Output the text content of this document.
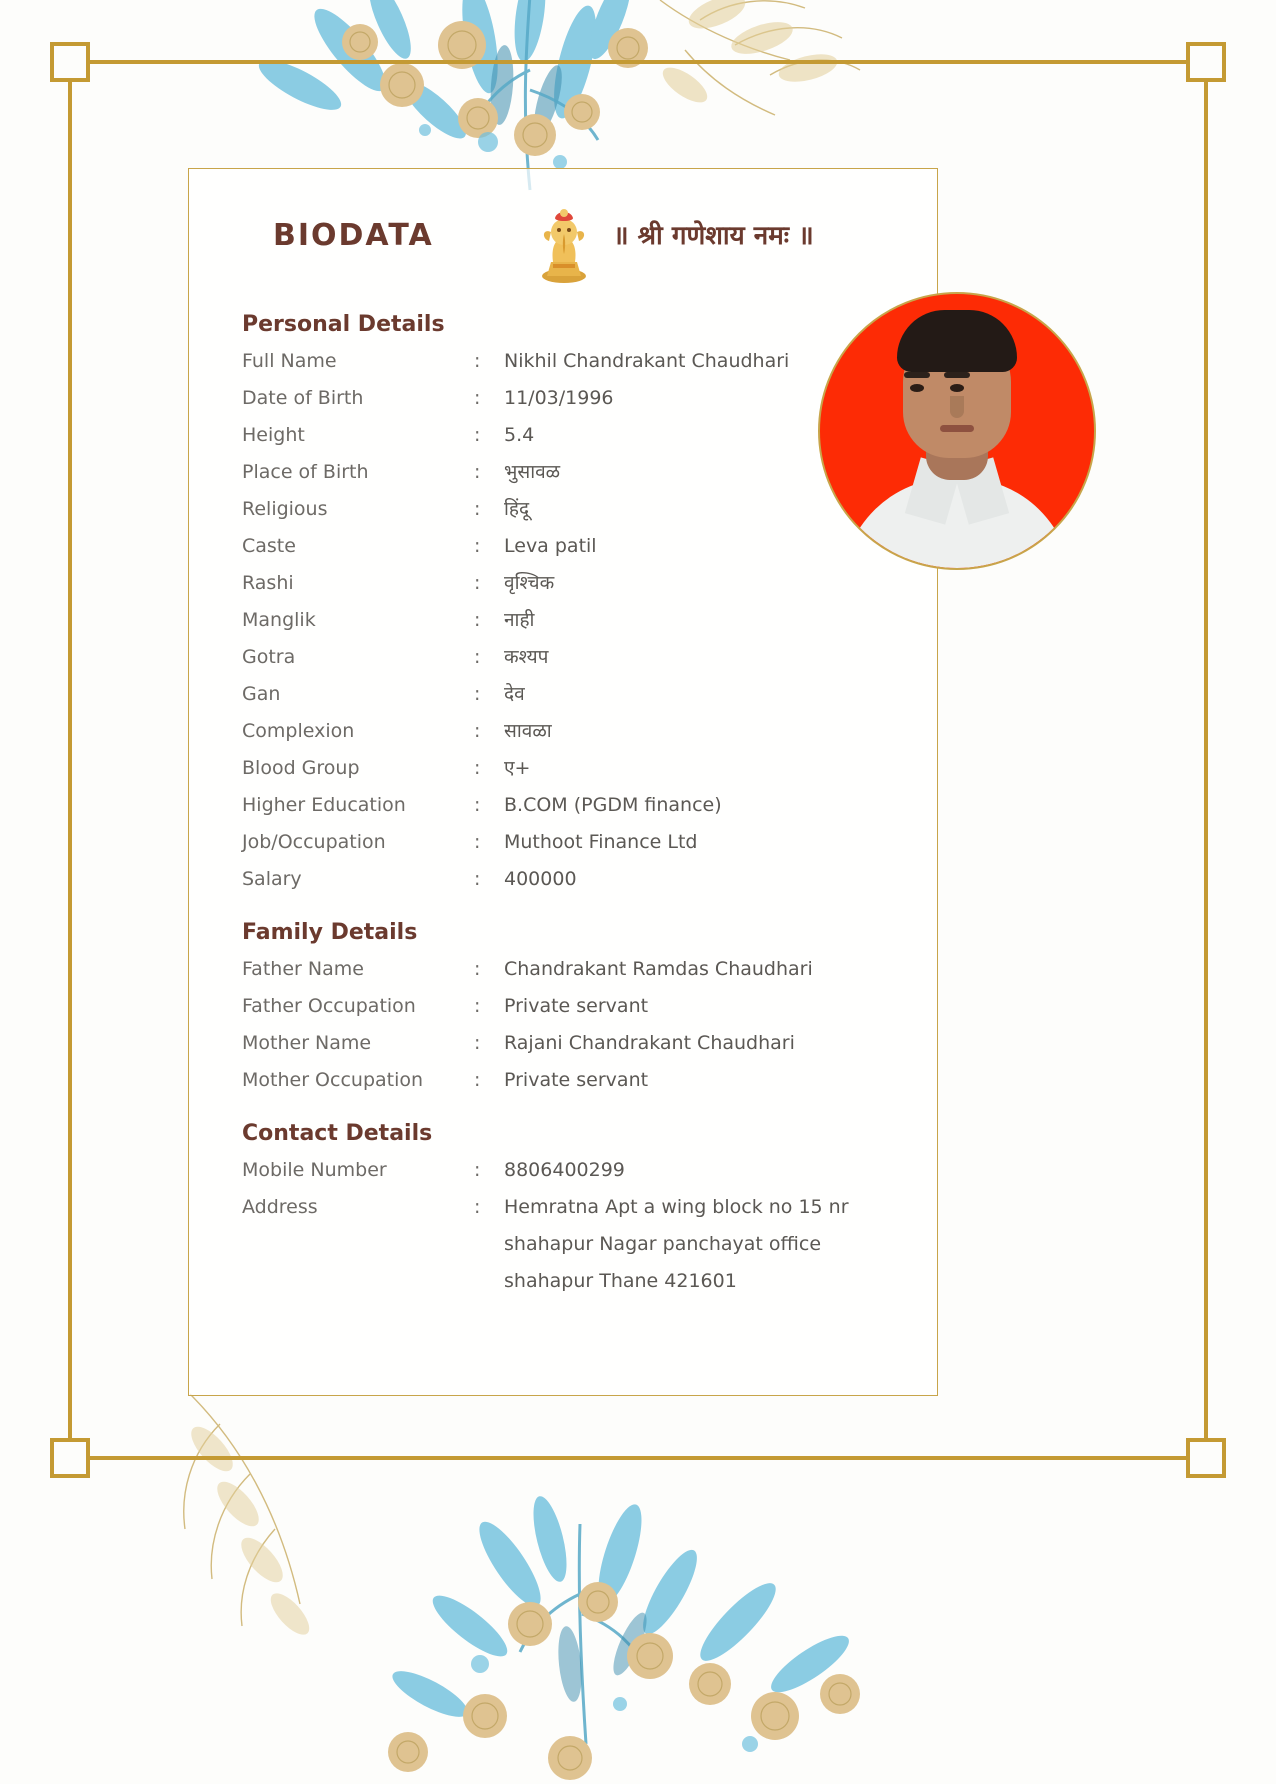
BIODATA	॥ श्री गणेशाय नमः ॥
Personal Details
Full Name	:	Nikhil Chandrakant Chaudhari
Date of Birth	:	11/03/1996
Height	:	5.4
Place of Birth	:	भुसावळ
Religious	:	हिंदू
Caste	:	Leva patil
Rashi	:	वृश्चिक
Manglik	:	नाही
Gotra	:	कश्यप
Gan	:	देव
Complexion	:	सावळा
Blood Group	:	ए+
Higher Education	:	B.COM (PGDM finance)
Job/Occupation	:	Muthoot Finance Ltd
Salary	:	400000
Family Details
Father Name	:	Chandrakant Ramdas Chaudhari
Father Occupation	:	Private servant
Mother Name	:	Rajani Chandrakant Chaudhari
Mother Occupation	:	Private servant
Contact Details
Mobile Number	:	8806400299
Address	:	Hemratna Apt a wing block no 15 nr
shahapur Nagar panchayat office
shahapur Thane 421601
